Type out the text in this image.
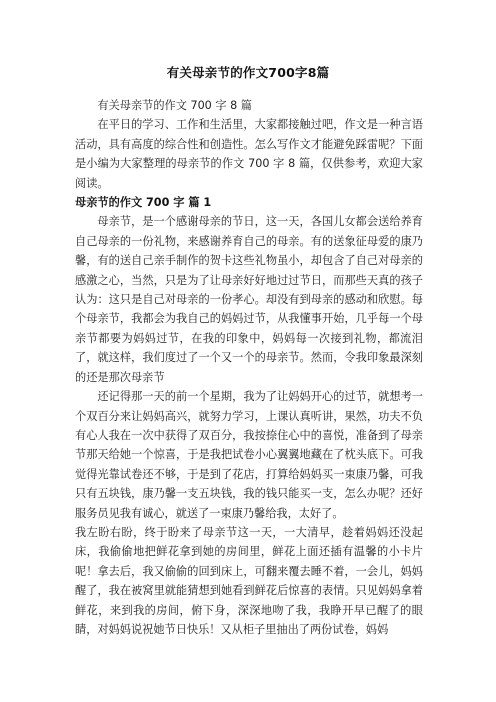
有关母亲节的作文700字8篇

有关母亲节的作文 700 字 8 篇

在平日的学习、工作和生活里，大家都接触过吧，作文是一种言语活动，具有高度的综合性和创造性。怎么写作文才能避免踩雷呢？下面是小编为大家整理的母亲节的作文 700 字 8 篇，仅供参考，欢迎大家阅读。

母亲节的作文 700 字 篇 1

母亲节，是一个感谢母亲的节日，这一天，各国儿女都会送给养育自己母亲的一份礼物，来感谢养育自己的母亲。有的送象征母爱的康乃馨，有的送自己亲手制作的贺卡这些礼物虽小，却包含了自己对母亲的感激之心，当然，只是为了让母亲好好地过过节日，而那些天真的孩子认为：这只是自己对母亲的一份孝心。却没有到母亲的感动和欣慰。每个母亲节，我都会为我自己的妈妈过节，从我懂事开始，几乎每一个母亲节都要为妈妈过节，在我的印象中，妈妈每一次接到礼物，都流泪了，就这样，我们度过了一个又一个的母亲节。然而，令我印象最深刻的还是那次母亲节

还记得那一天的前一个星期，我为了让妈妈开心的过节，就想考一个双百分来让妈妈高兴，就努力学习，上课认真听讲，果然，功夫不负有心人我在一次中获得了双百分，我按捺住心中的喜悦，准备到了母亲节那天给她一个惊喜，于是我把试卷小心翼翼地藏在了枕头底下。可我觉得光靠试卷还不够，于是到了花店，打算给妈妈买一束康乃馨，可我只有五块钱，康乃馨一支五块钱，我的钱只能买一支，怎么办呢？还好服务员见我有诚心，就送了一束康乃馨给我，太好了。

我左盼右盼，终于盼来了母亲节这一天，一大清早，趁着妈妈还没起床，我偷偷地把鲜花拿到她的房间里，鲜花上面还插有温馨的小卡片呢！拿去后，我又偷偷的回到床上，可翻来覆去睡不着，一会儿，妈妈醒了，我在被窝里就能猜想到她看到鲜花后惊喜的表情。只见妈妈拿着鲜花，来到我的房间，俯下身，深深地吻了我，我睁开早已醒了的眼睛，对妈妈说祝她节日快乐！又从柜子里抽出了两份试卷，妈妈
